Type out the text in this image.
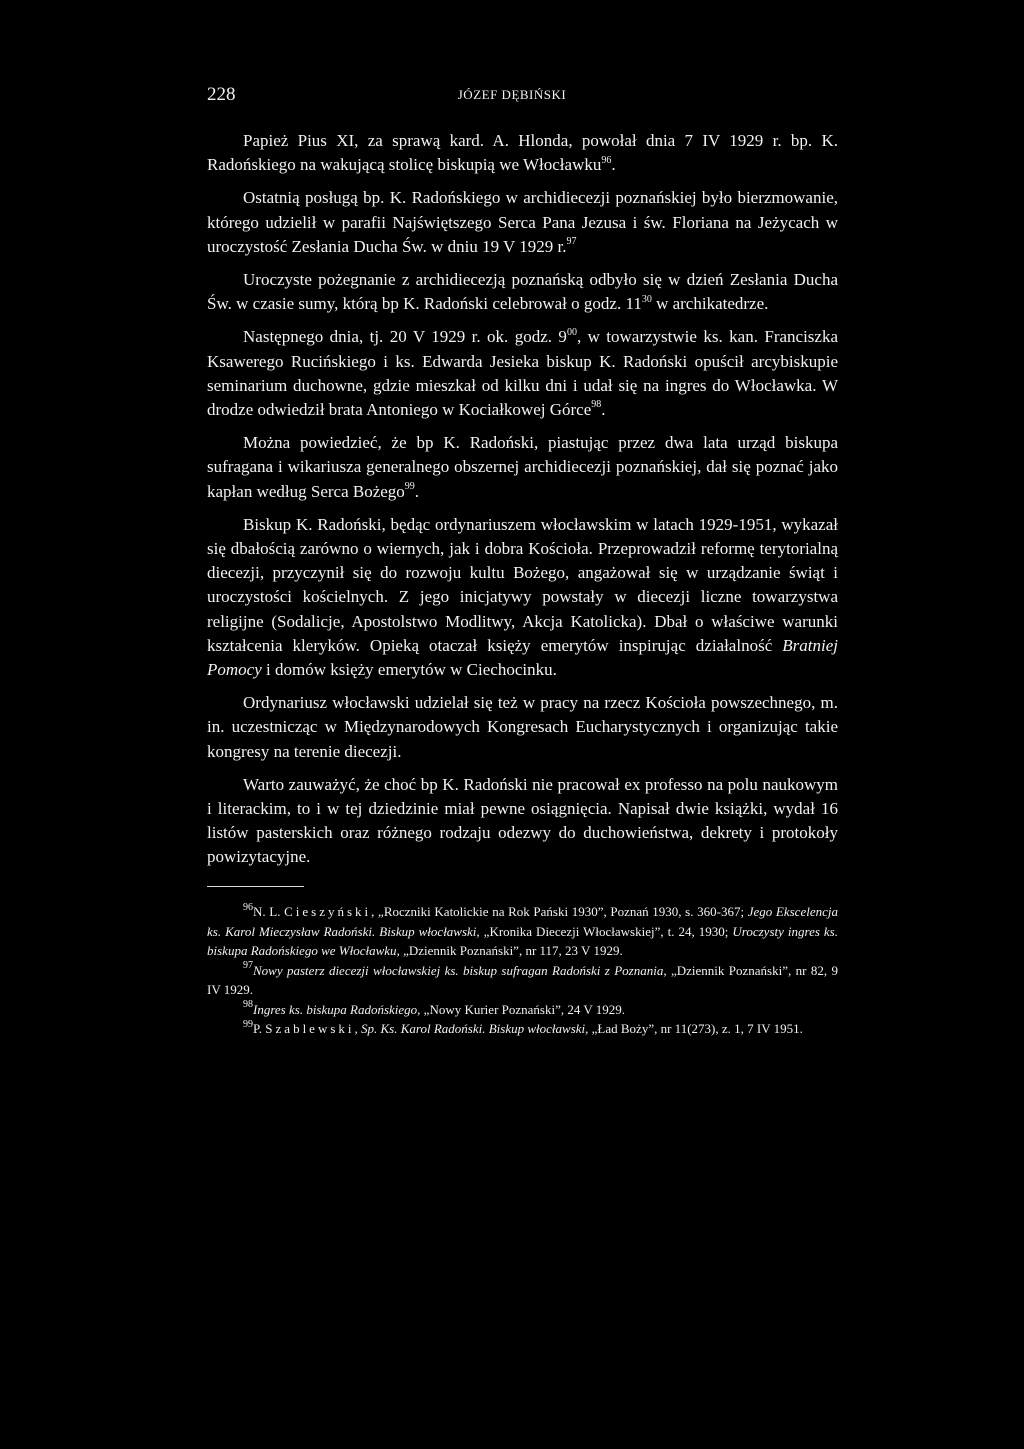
228	JÓZEF DĘBIŃSKI

Papież Pius XI, za sprawą kard. A. Hlonda, powołał dnia 7 IV 1929 r. bp. K. Radońskiego na wakującą stolicę biskupią we Włocławku$^{96}$.

Ostatnią posługą bp. K. Radońskiego w archidiecezji poznańskiej było bierzmowanie, którego udzielił w parafii Najświętszego Serca Pana Jezusa i św. Floriana na Jeżycach w uroczystość Zesłania Ducha Św. w dniu 19 V 1929 r.$^{97}$

Uroczyste pożegnanie z archidiecezją poznańską odbyło się w dzień Zesłania Ducha Św. w czasie sumy, którą bp K. Radoński celebrował o godz. $11^{30}$ w archikatedrze.

Następnego dnia, tj. 20 V 1929 r. ok. godz. $9^{00}$, w towarzystwie ks. kan. Franciszka Ksawerego Rucińskiego i ks. Edwarda Jesieka biskup K. Radoński opuścił arcybiskupie seminarium duchowne, gdzie mieszkał od kilku dni i udał się na ingres do Włocławka. W drodze odwiedził brata Antoniego w Kociałkowej Górce$^{98}$.

Można powiedzieć, że bp K. Radoński, piastując przez dwa lata urząd biskupa sufragana i wikariusza generalnego obszernej archidiecezji poznańskiej, dał się poznać jako kapłan według Serca Bożego$^{99}$.

Biskup K. Radoński, będąc ordynariuszem włocławskim w latach 1929-1951, wykazał się dbałością zarówno o wiernych, jak i dobra Kościoła. Przeprowadził reformę terytorialną diecezji, przyczynił się do rozwoju kultu Bożego, angażował się w urządzanie świąt i uroczystości kościelnych. Z jego inicjatywy powstały w diecezji liczne towarzystwa religijne (Sodalicje, Apostolstwo Modlitwy, Akcja Katolicka). Dbał o właściwe warunki kształcenia kleryków. Opieką otaczał księży emerytów inspirując działalność Bratniej Pomocy i domów księży emerytów w Ciechocinku.

Ordynariusz włocławski udzielał się też w pracy na rzecz Kościoła powszechnego, m. in. uczestnicząc w Międzynarodowych Kongresach Eucharystycznych i organizując takie kongresy na terenie diecezji.

Warto zauważyć, że choć bp K. Radoński nie pracował ex professo na polu naukowym i literackim, to i w tej dziedzinie miał pewne osiągnięcia. Napisał dwie książki, wydał 16 listów pasterskich oraz różnego rodzaju odezwy do duchowieństwa, dekrety i protokoły powizytacyjne.

$^{96}$N. L. Cieszyński, „Roczniki Katolickie na Rok Pański 1930”, Poznań 1930, s. 360-367; Jego Ekscelencja ks. Karol Mieczysław Radoński. Biskup włocławski, „Kronika Diecezji Włocławskiej”, t. 24, 1930; Uroczysty ingres ks. biskupa Radońskiego we Włocławku, „Dziennik Poznański”, nr 117, 23 V 1929.

$^{97}$Nowy pasterz diecezji włocławskiej ks. biskup sufragan Radoński z Poznania, „Dziennik Poznański”, nr 82, 9 IV 1929.

$^{98}$Ingres ks. biskupa Radońskiego, „Nowy Kurier Poznański”, 24 V 1929.

$^{99}$P. Szablewski, Sp. Ks. Karol Radoński. Biskup włocławski, „Ład Boży”, nr 11(273), z. 1, 7 IV 1951.
